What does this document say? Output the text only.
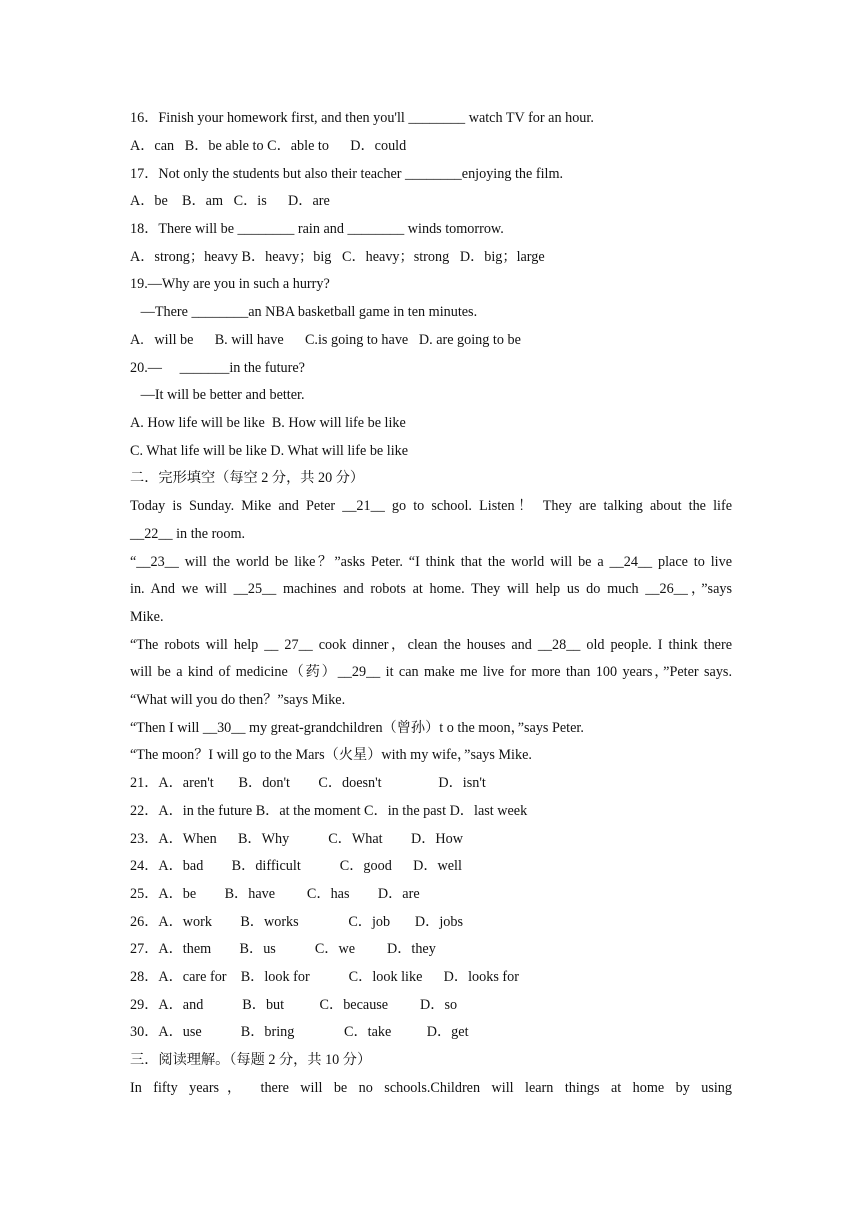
16．Finish your homework first, and then you'll ________ watch TV for an hour.
A．can   B．be able to C．able to      D．could
17．Not only the students but also their teacher ________enjoying the film.
A．be    B．am   C．is      D．are
18．There will be ________ rain and ________ winds tomorrow.
A．strong；heavy B．heavy；big   C．heavy；strong   D．big；large
19.—Why are you in such a hurry?
—There ________an NBA basketball game in ten minutes.
A.   will be      B. will have      C.is going to have   D. are going to be
20.—     _______in the future?
—It will be better and better.
A. How life will be like  B. How will life be like
C. What life will be like D. What will life be like
二．完形填空（每空 2 分，共 20 分）
Today is Sunday. Mike and Peter __21__ go to school. Listen！ They are talking about the life
__22__ in the room.
“__23__ will the world be like？”asks Peter. “I think that the world will be a __24__ place to live
in. And we will __25__ machines and robots at home. They will help us do much __26__，”says
Mike.
“The robots will help __ 27__ cook dinner，clean the houses and __28__ old people. I think there
will be a kind of medicine（药）__29__ it can make me live for more than 100 years，”Peter says.
“What will you do then？”says Mike.
“Then I will __30__ my great-grandchildren（曾孙）t o the moon，”says Peter.
“The moon？I will go to the Mars（火星）with my wife，”says Mike.
21．A．aren't       B．don't        C．doesn't                D．isn't
22．A．in the future B．at the moment C．in the past D．last week
23．A．When      B．Why           C．What        D．How
24．A．bad        B．difficult           C．good      D．well
25．A．be        B．have         C．has        D．are
26．A．work        B．works              C．job       D．jobs
27．A．them        B．us           C．we         D．they
28．A．care for    B．look for           C．look like      D．looks for
29．A．and           B．but          C．because         D．so
30．A．use           B．bring              C．take          D．get
三．阅读理解。（每题 2 分，共 10 分）
In fifty years， there will be no schools.Children will learn things at home by using
